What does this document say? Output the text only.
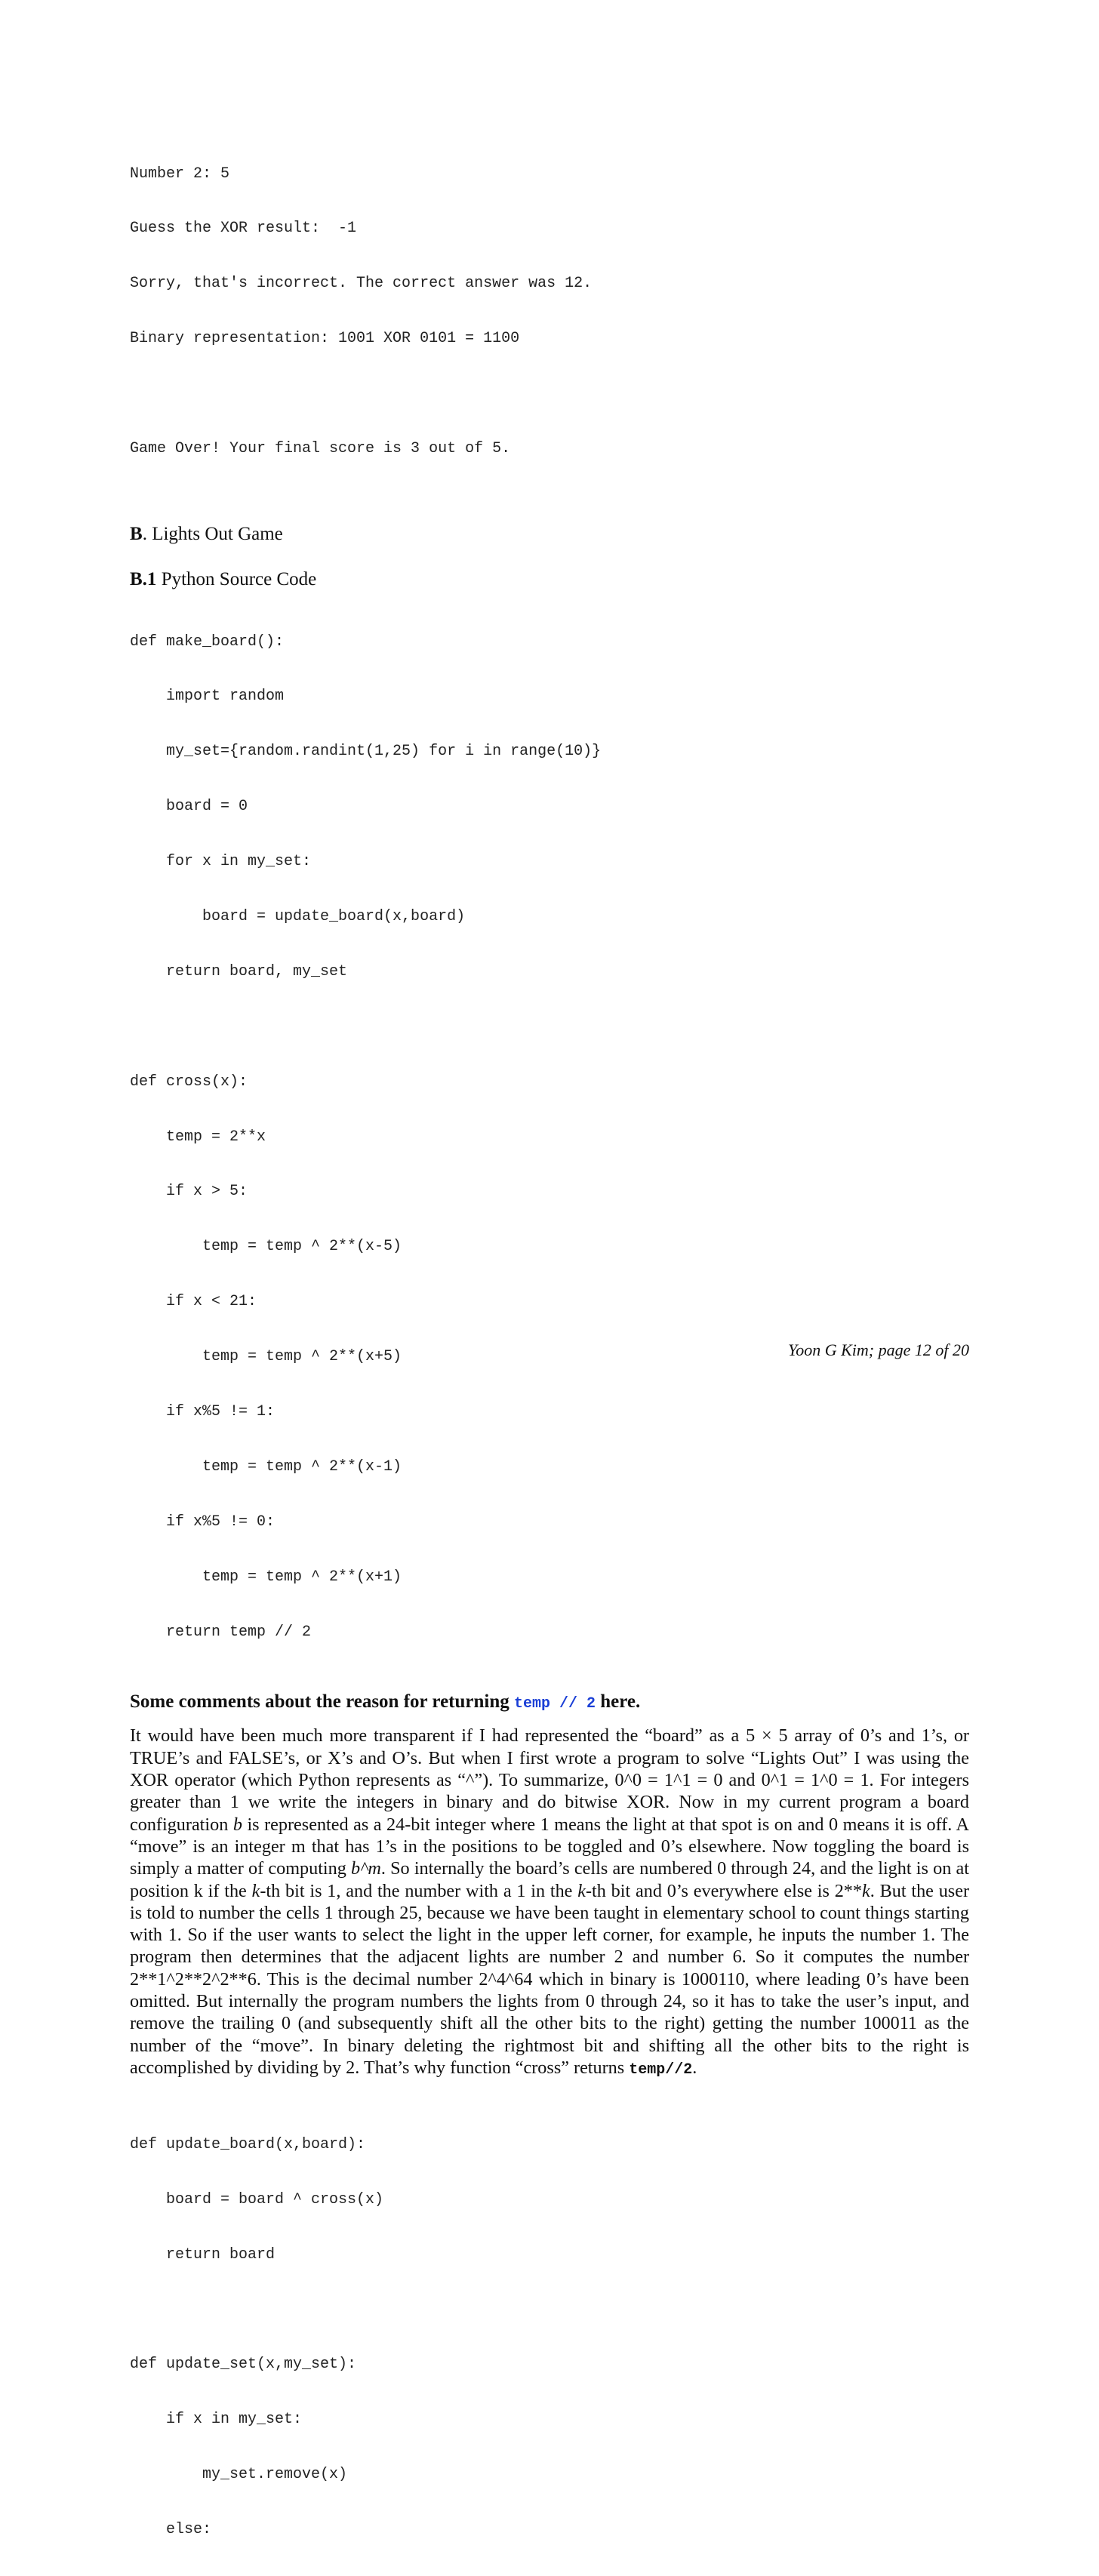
Number 2: 5

Guess the XOR result:  -1

Sorry, that's incorrect. The correct answer was 12.

Binary representation: 1001 XOR 0101 = 1100

Game Over! Your final score is 3 out of 5.

B. Lights Out Game

B.1 Python Source Code

def make_board():

import random

my_set={random.randint(1,25) for i in range(10)}

board = 0

for x in my_set:

board = update_board(x,board)

return board, my_set

def cross(x):

temp = 2**x

if x > 5:

temp = temp ^ 2**(x-5)

if x < 21:

temp = temp ^ 2**(x+5)

if x%5 != 1:

temp = temp ^ 2**(x-1)

if x%5 != 0:

temp = temp ^ 2**(x+1)

return temp // 2

Some comments about the reason for returning temp // 2 here.

It would have been much more transparent if I had represented the “board” as a 5 × 5 array of 0’s and 1’s, or TRUE’s and FALSE’s, or X’s and O’s. But when I first wrote a program to solve “Lights Out” I was using the XOR operator (which Python represents as “^”). To summarize, 0^0 = 1^1 = 0 and 0^1 = 1^0 = 1. For integers greater than 1 we write the integers in binary and do bitwise XOR. Now in my current program a board configuration b is represented as a 24-bit integer where 1 means the light at that spot is on and 0 means it is off. A “move” is an integer m that has 1’s in the positions to be toggled and 0’s elsewhere. Now toggling the board is simply a matter of computing b^m. So internally the board’s cells are numbered 0 through 24, and the light is on at position k if the k-th bit is 1, and the number with a 1 in the k-th bit and 0’s everywhere else is 2**k. But the user is told to number the cells 1 through 25, because we have been taught in elementary school to count things starting with 1. So if the user wants to select the light in the upper left corner, for example, he inputs the number 1. The program then determines that the adjacent lights are number 2 and number 6. So it computes the number 2**1^2**2^2**6. This is the decimal number 2^4^64 which in binary is 1000110, where leading 0’s have been omitted. But internally the program numbers the lights from 0 through 24, so it has to take the user’s input, and remove the trailing 0 (and subsequently shift all the other bits to the right) getting the number 100011 as the number of the “move”. In binary deleting the rightmost bit and shifting all the other bits to the right is accomplished by dividing by 2. That’s why function “cross” returns temp//2.

def update_board(x,board):

board = board ^ cross(x)

return board

def update_set(x,my_set):

if x in my_set:

my_set.remove(x)

else:

Yoon G Kim; page 12 of 20
